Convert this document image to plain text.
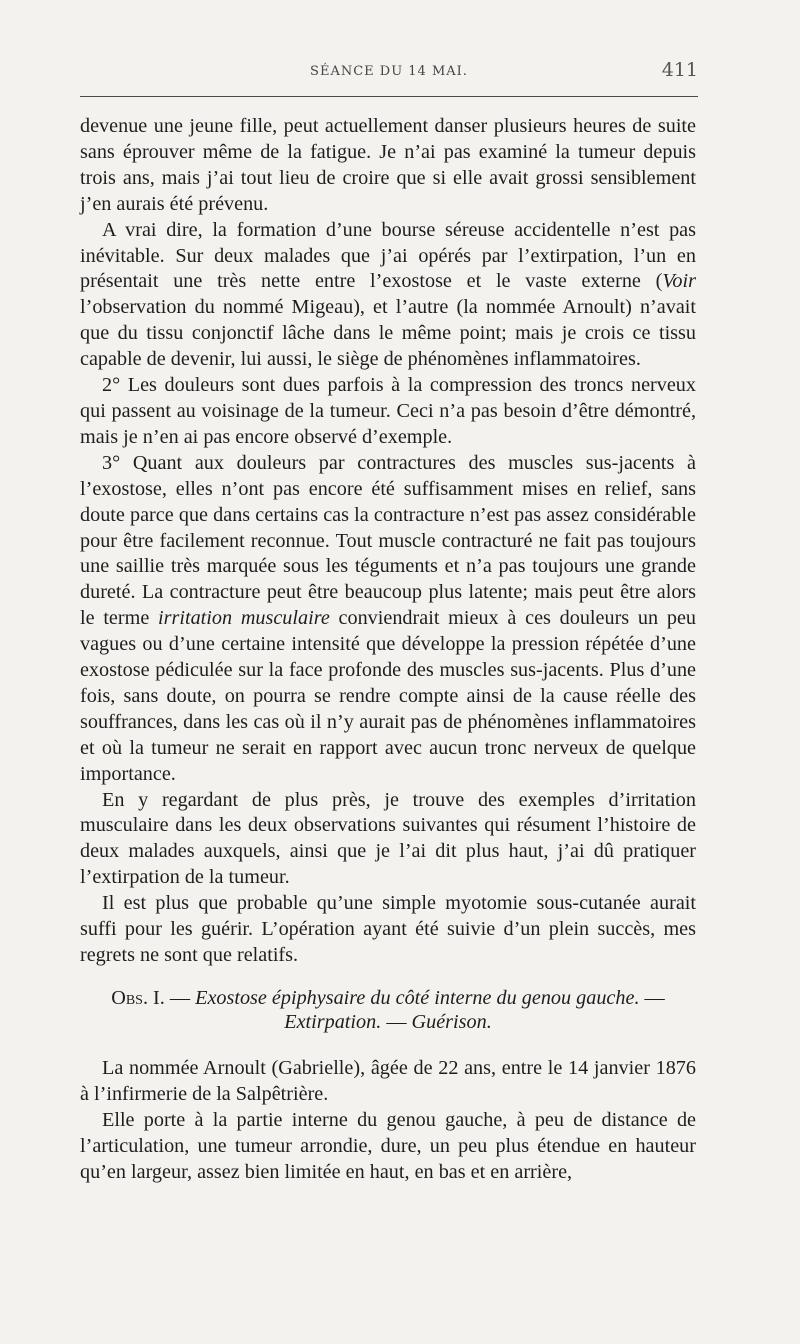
SÉANCE DU 14 MAI.	411

devenue une jeune fille, peut actuellement danser plusieurs heures de suite sans éprouver même de la fatigue. Je n’ai pas examiné la tumeur depuis trois ans, mais j’ai tout lieu de croire que si elle avait grossi sensiblement j’en aurais été prévenu.

A vrai dire, la formation d’une bourse séreuse accidentelle n’est pas inévitable. Sur deux malades que j’ai opérés par l’extirpation, l’un en présentait une très nette entre l’exostose et le vaste externe (Voir l’observation du nommé Migeau), et l’autre (la nommée Arnoult) n’avait que du tissu conjonctif lâche dans le même point; mais je crois ce tissu capable de devenir, lui aussi, le siège de phénomènes inflammatoires.

2° Les douleurs sont dues parfois à la compression des troncs nerveux qui passent au voisinage de la tumeur. Ceci n’a pas besoin d’être démontré, mais je n’en ai pas encore observé d’exemple.

3° Quant aux douleurs par contractures des muscles sus-jacents à l’exostose, elles n’ont pas encore été suffisamment mises en relief, sans doute parce que dans certains cas la contracture n’est pas assez considérable pour être facilement reconnue. Tout muscle contracturé ne fait pas toujours une saillie très marquée sous les téguments et n’a pas toujours une grande dureté. La contracture peut être beaucoup plus latente; mais peut être alors le terme irritation musculaire conviendrait mieux à ces douleurs un peu vagues ou d’une certaine intensité que développe la pression répétée d’une exostose pédiculée sur la face profonde des muscles sus-jacents. Plus d’une fois, sans doute, on pourra se rendre compte ainsi de la cause réelle des souffrances, dans les cas où il n’y aurait pas de phénomènes inflammatoires et où la tumeur ne serait en rapport avec aucun tronc nerveux de quelque importance.

En y regardant de plus près, je trouve des exemples d’irritation musculaire dans les deux observations suivantes qui résument l’histoire de deux malades auxquels, ainsi que je l’ai dit plus haut, j’ai dû pratiquer l’extirpation de la tumeur.

Il est plus que probable qu’une simple myotomie sous-cutanée aurait suffi pour les guérir. L’opération ayant été suivie d’un plein succès, mes regrets ne sont que relatifs.

Obs. I. — Exostose épiphysaire du côté interne du genou gauche. —
Extirpation. — Guérison.

La nommée Arnoult (Gabrielle), âgée de 22 ans, entre le 14 janvier 1876 à l’infirmerie de la Salpêtrière.

Elle porte à la partie interne du genou gauche, à peu de distance de l’articulation, une tumeur arrondie, dure, un peu plus étendue en hauteur qu’en largeur, assez bien limitée en haut, en bas et en arrière,
